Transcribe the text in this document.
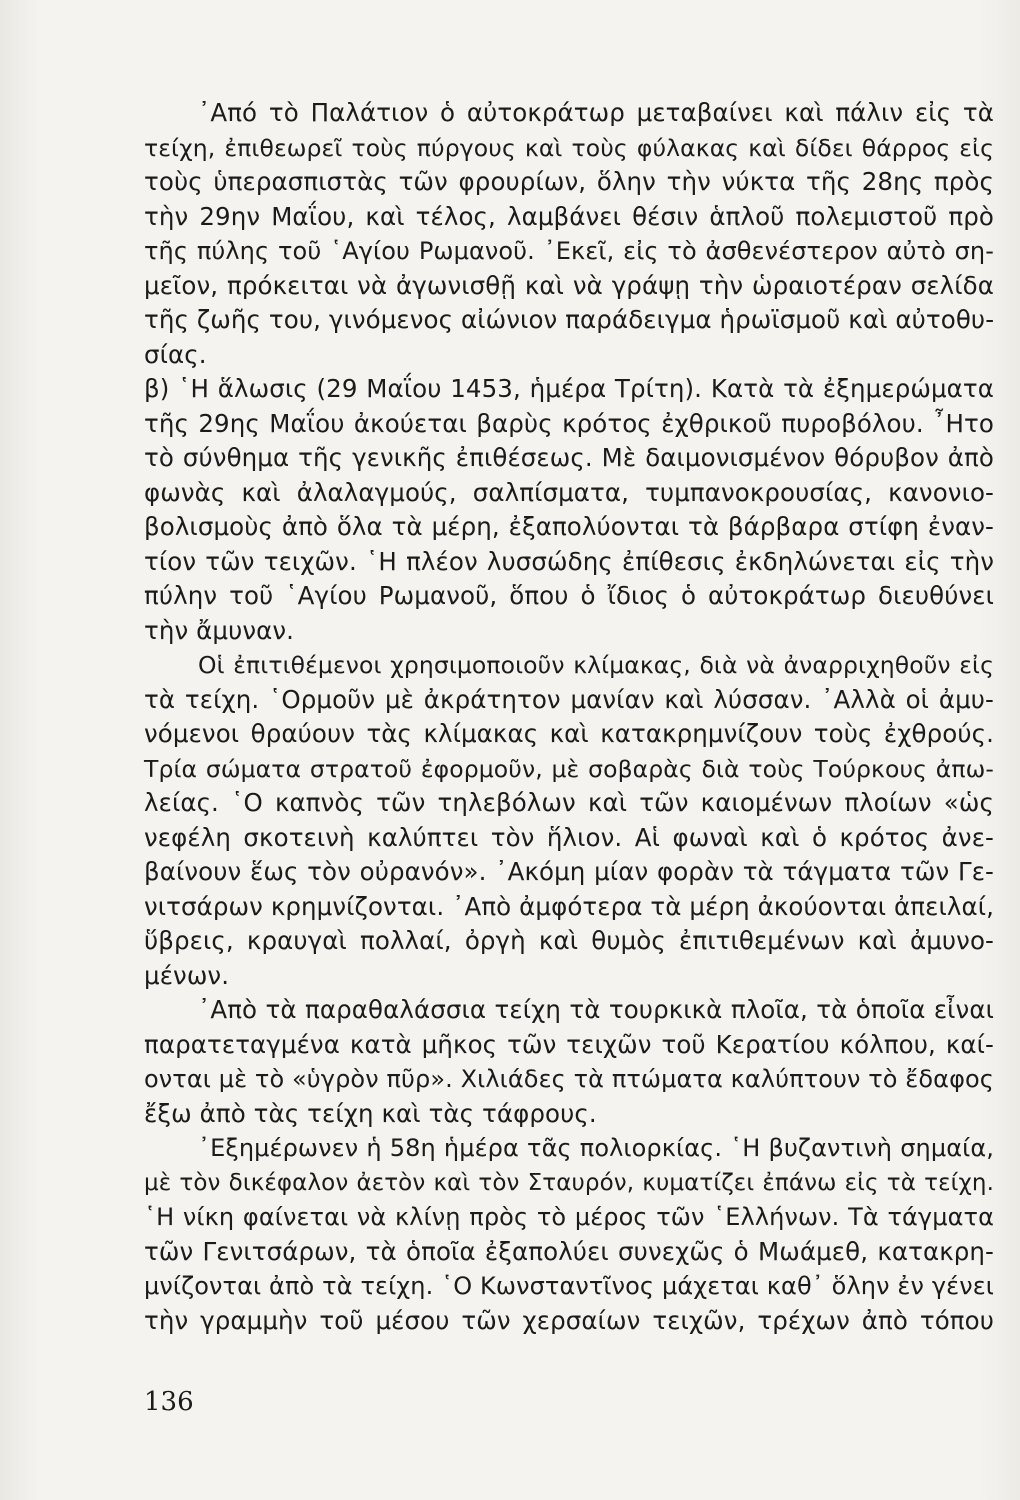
᾿Από τὸ Παλάτιον ὁ αὐτοκράτωρ μεταβαίνει καὶ πάλιν εἰς τὰ
τείχη, ἐπιθεωρεῖ τοὺς πύργους καὶ τοὺς φύλακας καὶ δίδει θάρρος εἰς
τοὺς ὑπερασπιστὰς τῶν φρουρίων, ὅλην τὴν νύκτα τῆς 28ης πρὸς
τὴν 29ην Μαΐου, καὶ τέλος, λαμβάνει θέσιν ἁπλοῦ πολεμιστοῦ πρὸ
τῆς πύλης τοῦ ῾Αγίου Ρωμανοῦ. ᾿Εκεῖ, εἰς τὸ ἀσθενέστερον αὐτὸ ση-
μεῖον, πρόκειται νὰ ἀγωνισθῇ καὶ νὰ γράψῃ τὴν ὡραιοτέραν σελίδα
τῆς ζωῆς του, γινόμενος αἰώνιον παράδειγμα ἡρωϊσμοῦ καὶ αὐτοθυ-
σίας.
β) ῾Η ἅλωσις (29 Μαΐου 1453, ἡμέρα Τρίτη). Κατὰ τὰ ἐξημερώματα
τῆς 29ης Μαΐου ἀκούεται βαρὺς κρότος ἐχθρικοῦ πυροβόλου. ῏Ητο
τὸ σύνθημα τῆς γενικῆς ἐπιθέσεως. Μὲ δαιμονισμένον θόρυβον ἀπὸ
φωνὰς καὶ ἀλαλαγμούς, σαλπίσματα, τυμπανοκρουσίας, κανονιο-
βολισμοὺς ἀπὸ ὅλα τὰ μέρη, ἐξαπολύονται τὰ βάρβαρα στίφη ἐναν-
τίον τῶν τειχῶν. ῾Η πλέον λυσσώδης ἐπίθεσις ἐκδηλώνεται εἰς τὴν
πύλην τοῦ ῾Αγίου Ρωμανοῦ, ὅπου ὁ ἴδιος ὁ αὐτοκράτωρ διευθύνει
τὴν ἄμυναν.
Οἱ ἐπιτιθέμενοι χρησιμοποιοῦν κλίμακας, διὰ νὰ ἀναρριχηθοῦν εἰς
τὰ τείχη. ῾Ορμοῦν μὲ ἀκράτητον μανίαν καὶ λύσσαν. ᾿Αλλὰ οἱ ἀμυ-
νόμενοι θραύουν τὰς κλίμακας καὶ κατακρημνίζουν τοὺς ἐχθρούς.
Τρία σώματα στρατοῦ ἐφορμοῦν, μὲ σοβαρὰς διὰ τοὺς Τούρκους ἀπω-
λείας. ῾Ο καπνὸς τῶν τηλεβόλων καὶ τῶν καιομένων πλοίων «ὡς
νεφέλη σκοτεινὴ καλύπτει τὸν ἥλιον. Αἱ φωναὶ καὶ ὁ κρότος ἀνε-
βαίνουν ἕως τὸν οὐρανόν». ᾿Ακόμη μίαν φορὰν τὰ τάγματα τῶν Γε-
νιτσάρων κρημνίζονται. ᾿Απὸ ἀμφότερα τὰ μέρη ἀκούονται ἀπειλαί,
ὕβρεις, κραυγαὶ πολλαί, ὀργὴ καὶ θυμὸς ἐπιτιθεμένων καὶ ἀμυνο-
μένων.
᾿Απὸ τὰ παραθαλάσσια τείχη τὰ τουρκικὰ πλοῖα, τὰ ὁποῖα εἶναι
παρατεταγμένα κατὰ μῆκος τῶν τειχῶν τοῦ Κερατίου κόλπου, καί-
ονται μὲ τὸ «ὑγρὸν πῦρ». Χιλιάδες τὰ πτώματα καλύπτουν τὸ ἔδαφος
ἔξω ἀπὸ τὰς τείχη καὶ τὰς τάφρους.
᾿Εξημέρωνεν ἡ 58η ἡμέρα τᾶς πολιορκίας. ῾Η βυζαντινὴ σημαία,
μὲ τὸν δικέφαλον ἀετὸν καὶ τὸν Σταυρόν, κυματίζει ἐπάνω εἰς τὰ τείχη.
῾Η νίκη φαίνεται νὰ κλίνῃ πρὸς τὸ μέρος τῶν ῾Ελλήνων. Τὰ τάγματα
τῶν Γενιτσάρων, τὰ ὁποῖα ἐξαπολύει συνεχῶς ὁ Μωάμεθ, κατακρη-
μνίζονται ἀπὸ τὰ τείχη. ῾Ο Κωνσταντῖνος μάχεται καθ᾿ ὅλην ἐν γένει
τὴν γραμμὴν τοῦ μέσου τῶν χερσαίων τειχῶν, τρέχων ἀπὸ τόπου
136
